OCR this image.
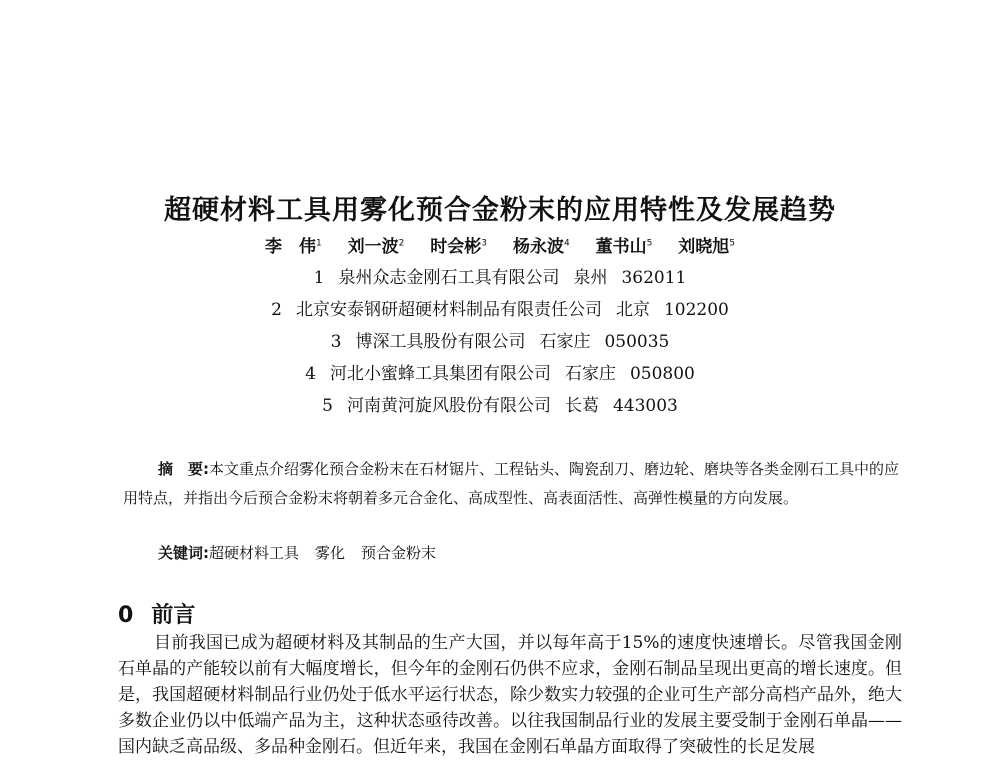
超硬材料工具用雾化预合金粉末的应用特性及发展趋势
李　伟$^1$ 刘一波$^2$ 时会彬$^3$ 杨永波$^4$ 董书山$^5$ 刘晓旭$^5$
1 泉州众志金刚石工具有限公司 泉州 362011
2 北京安泰钢研超硬材料制品有限责任公司 北京 102200
3 博深工具股份有限公司 石家庄 050035
4 河北小蜜蜂工具集团有限公司 石家庄 050800
5 河南黄河旋风股份有限公司 长葛 443003

摘　要:本文重点介绍雾化预合金粉末在石材锯片、工程钻头、陶瓷刮刀、磨边轮、磨块等各类金刚石工具中的应用特点，并指出今后预合金粉末将朝着多元合金化、高成型性、高表面活性、高弹性模量的方向发展。

关键词:超硬材料工具 雾化 预合金粉末
0 前言

目前我国已成为超硬材料及其制品的生产大国，并以每年高于15%的速度快速增长。尽管我国金刚石单晶的产能较以前有大幅度增长，但今年的金刚石仍供不应求，金刚石制品呈现出更高的增长速度。但是，我国超硬材料制品行业仍处于低水平运行状态，除少数实力较强的企业可生产部分高档产品外，绝大多数企业仍以中低端产品为主，这种状态亟待改善。以往我国制品行业的发展主要受制于金刚石单晶——国内缺乏高品级、多品种金刚石。但近年来，我国在金刚石单晶方面取得了突破性的长足发展
